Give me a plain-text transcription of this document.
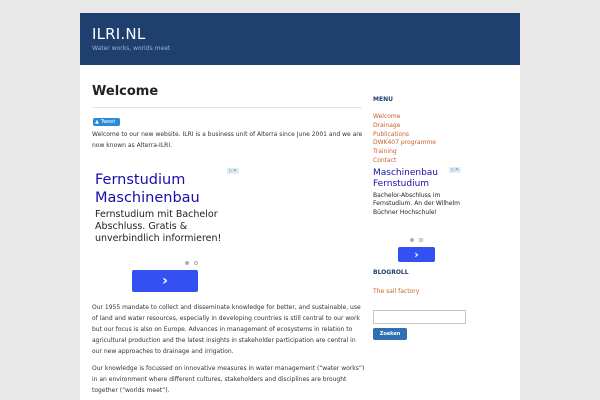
ILRI.NL
Water works, worlds meet
Welcome
▲ Tweet
Welcome to our new website. ILRI is a business unit of Alterra since June 2001 and we are now known as Alterra-ILRI.
▷✕
Fernstudium
Maschinenbau
Fernstudium mit Bachelor Abschluss. Gratis & unverbindlich informieren!
›
Our 1955 mandate to collect and disseminate knowledge for better, and sustainable, use of land and water resources, especially in developing countries is still central to our work but our focus is also on Europe. Advances in management of ecosystems in relation to agricultural production and the latest insights in stakeholder participation are central in our new approaches to drainage and irrigation.
Our knowledge is focussed on innovative measures in water management (“water works”) in an environment where different cultures, stakeholders and disciplines are brought together (“worlds meet”).
MENU
Welcome
Drainage
Publications
DWK407 programme
Training
Contact
▷✕
Maschinenbau
Fernstudium
Bachelor-Abschluss im Fernstudium. An der Wilhelm Büchner Hochschule!
›
BLOGROLL
The sail factory
Zoeken
